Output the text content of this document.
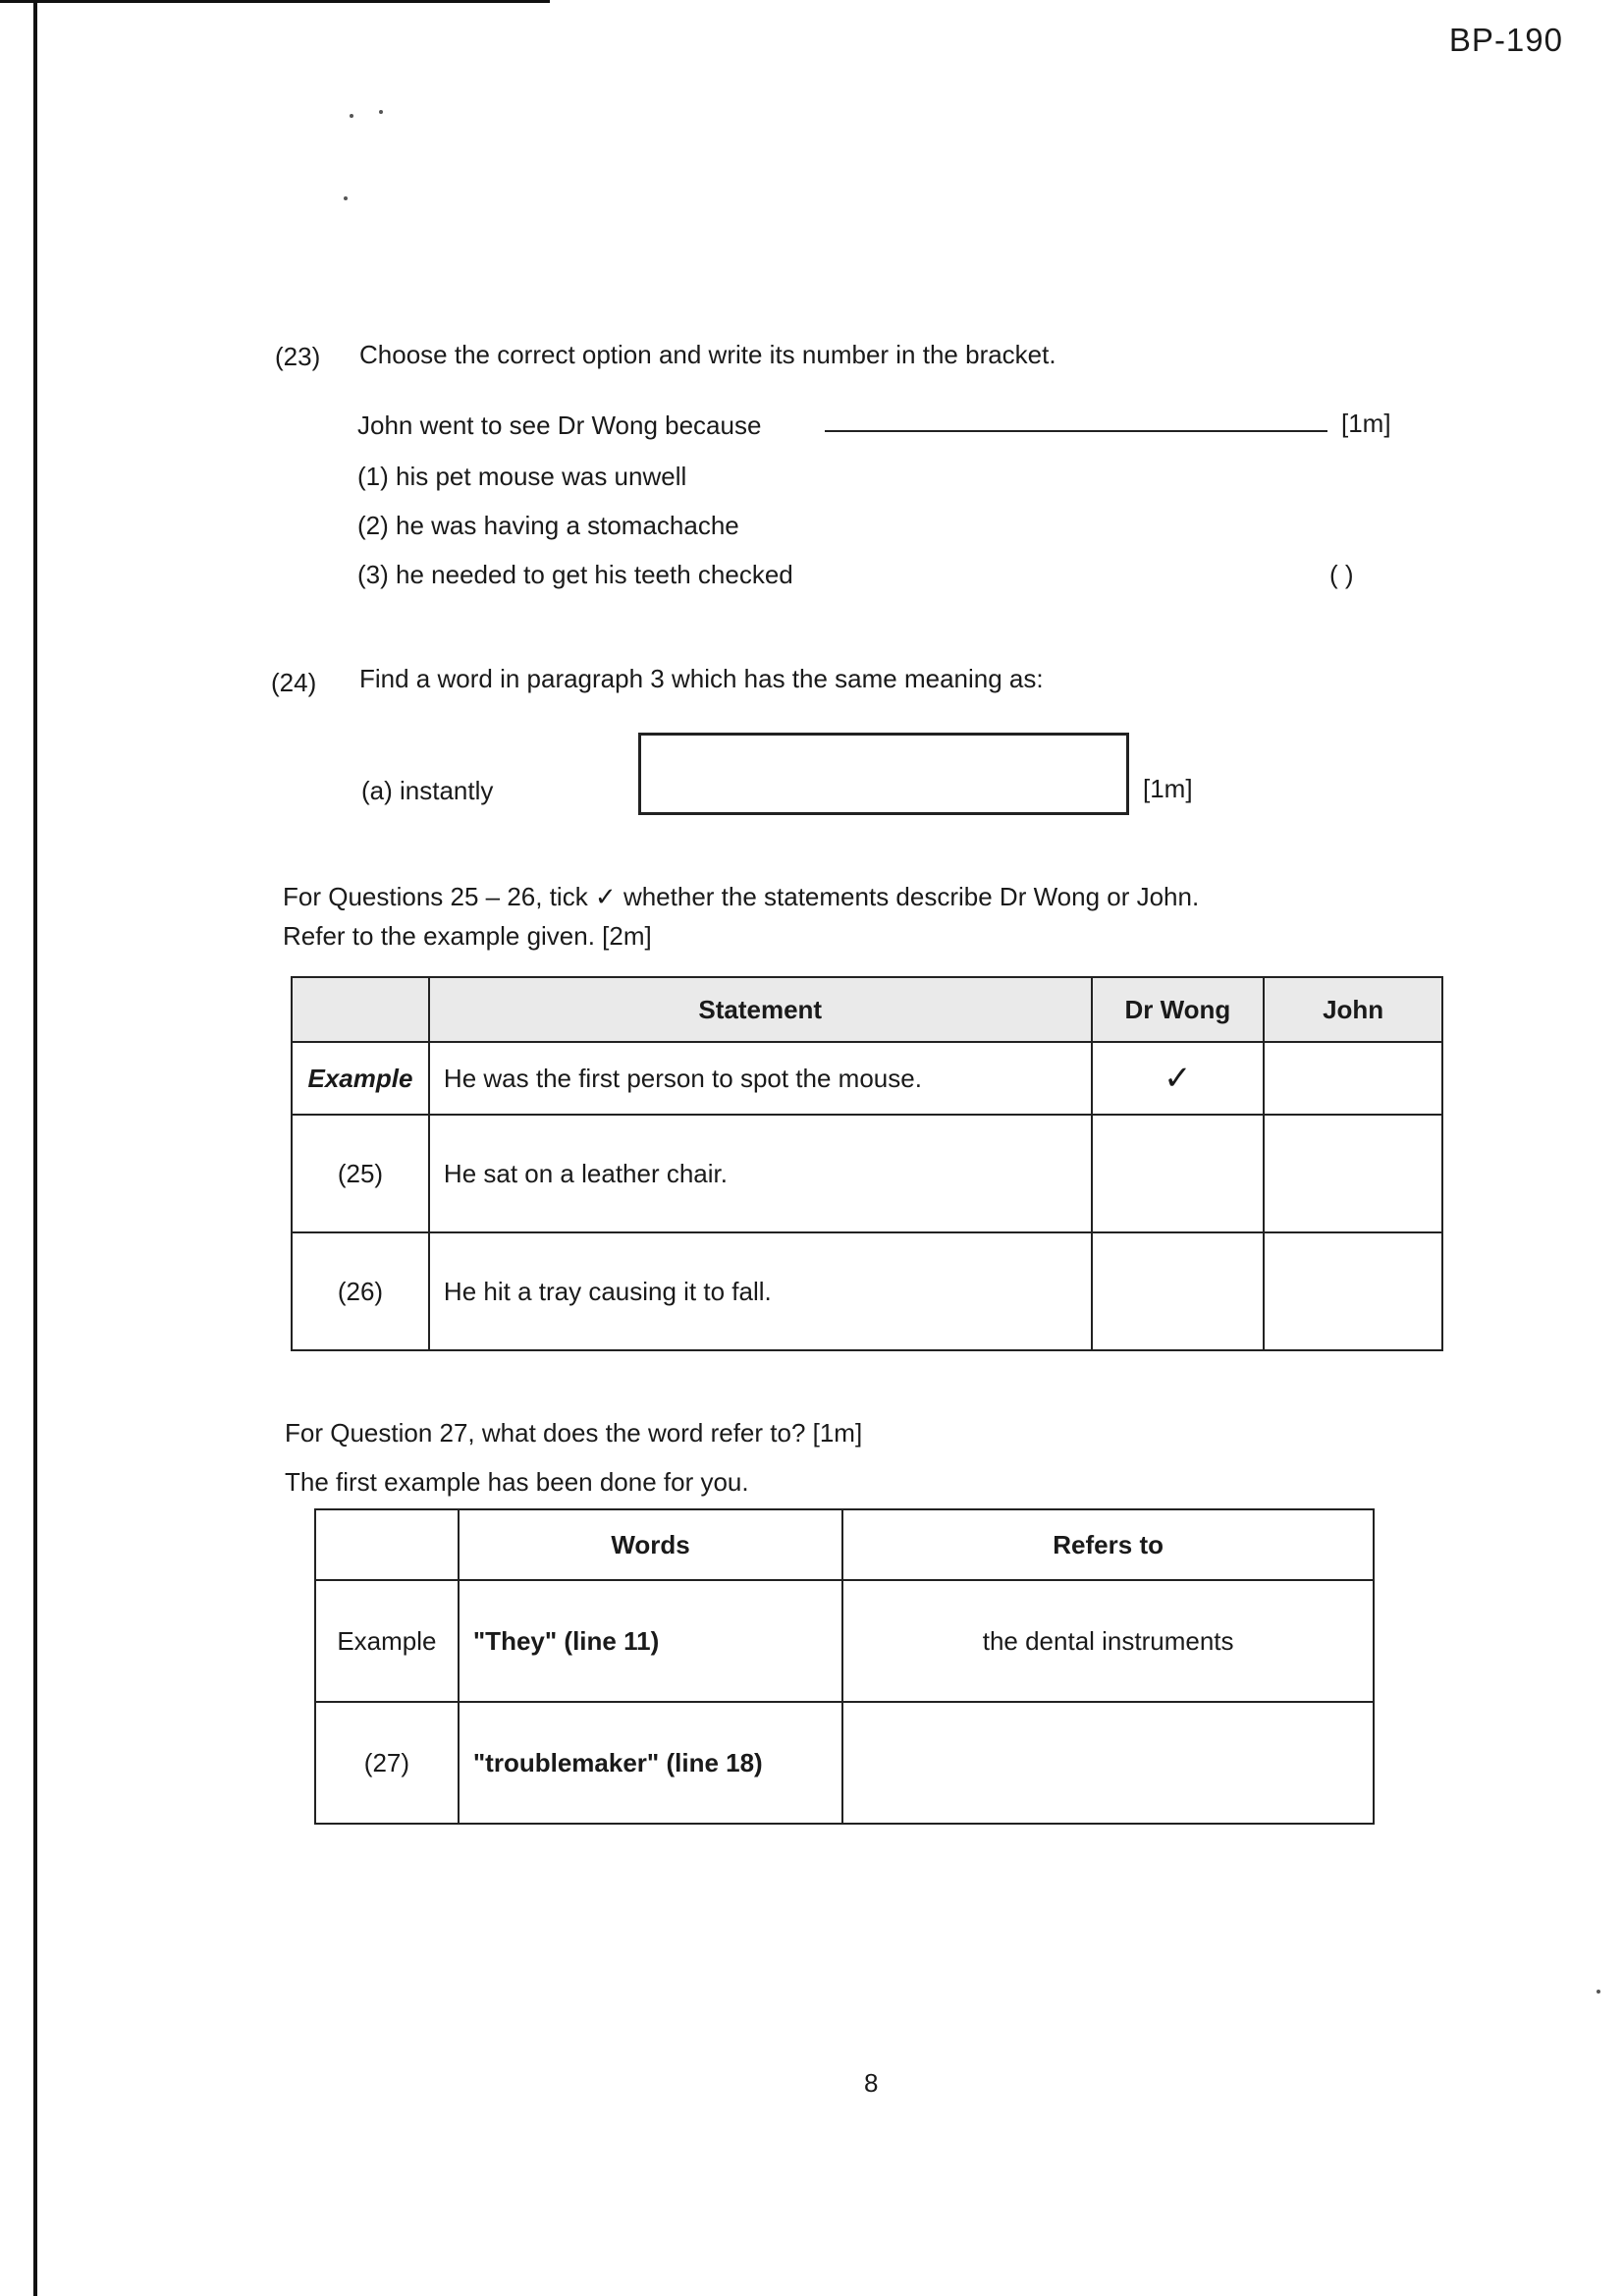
BP-190
(23) Choose the correct option and write its number in the bracket.
John went to see Dr Wong because	[1m]
(1) his pet mouse was unwell
(2) he was having a stomachache
(3) he needed to get his teeth checked	( )
(24) Find a word in paragraph 3 which has the same meaning as:
(a) instantly	[1m]
For Questions 25 – 26, tick ✓ whether the statements describe Dr Wong or John.
Refer to the example given. [2m]
	Statement	Dr Wong	John
Example	He was the first person to spot the mouse.	✓	
(25)	He sat on a leather chair.		
(26)	He hit a tray causing it to fall.		
For Question 27, what does the word refer to? [1m]
The first example has been done for you.
	Words	Refers to
Example	"They" (line 11)	the dental instruments
(27)	"troublemaker" (line 18)	
8
